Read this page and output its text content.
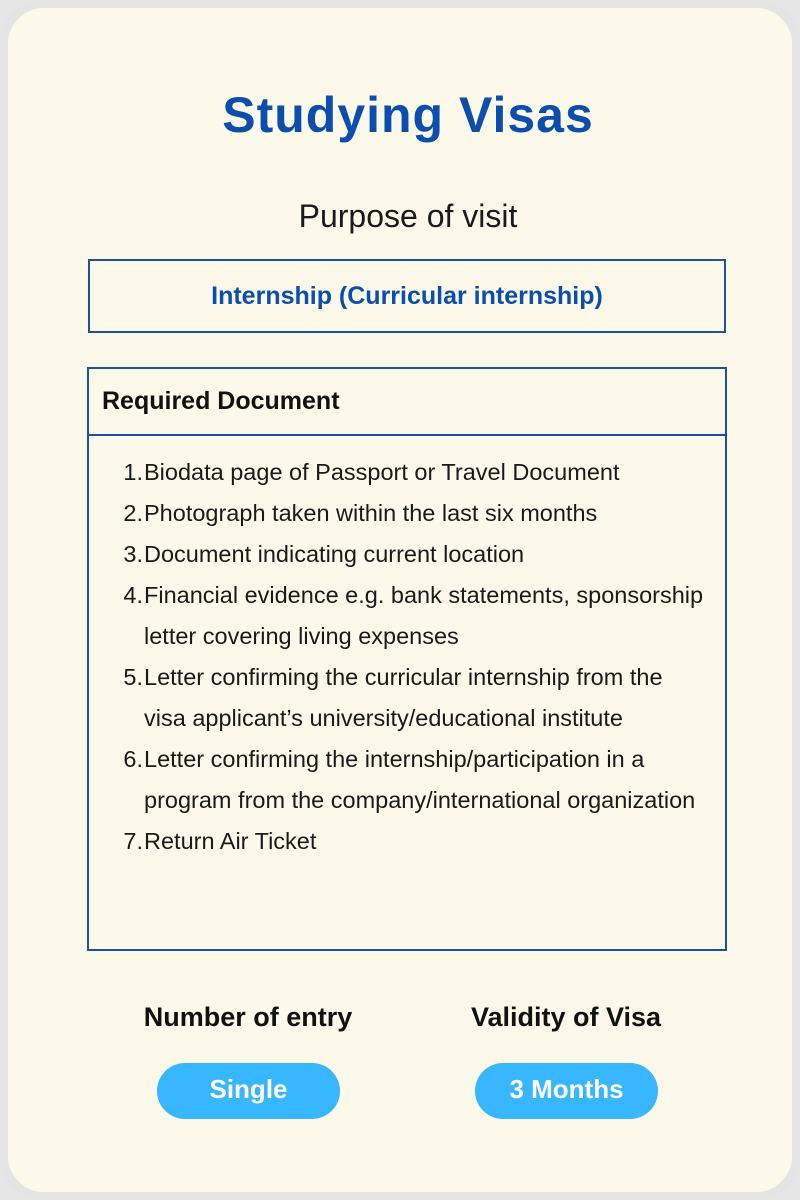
Studying Visas
Purpose of visit
Internship (Curricular internship)
Required Document
1. Biodata page of Passport or Travel Document
2. Photograph taken within the last six months
3. Document indicating current location
4. Financial evidence e.g. bank statements, sponsorship letter covering living expenses
5. Letter confirming the curricular internship from the visa applicant’s university/educational institute
6. Letter confirming the internship/participation in a program from the company/international organization
7. Return Air Ticket
Number of entry
Single
Validity of Visa
3 Months
